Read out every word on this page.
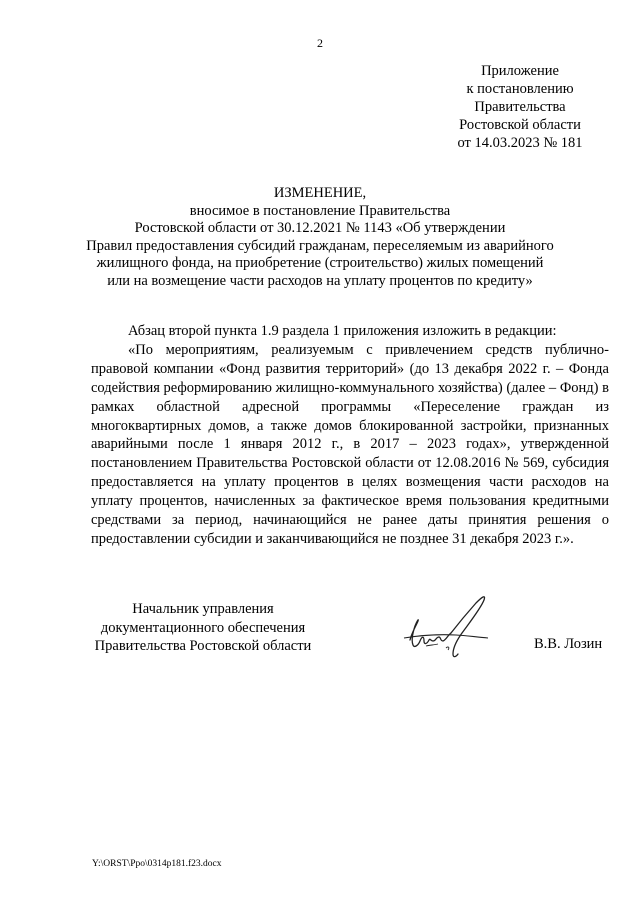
2
Приложение
к постановлению
Правительства
Ростовской области
от 14.03.2023 № 181
ИЗМЕНЕНИЕ,
вносимое в постановление Правительства
Ростовской области от 30.12.2021 № 1143 «Об утверждении
Правил предоставления субсидий гражданам, переселяемым из аварийного
жилищного фонда, на приобретение (строительство) жилых помещений
или на возмещение части расходов на уплату процентов по кредиту»

Абзац второй пункта 1.9 раздела 1 приложения изложить в редакции:

«По мероприятиям, реализуемым с привлечением средств публично-правовой компании «Фонд развития территорий» (до 13 декабря 2022 г. – Фонда содействия реформированию жилищно-коммунального хозяйства) (далее – Фонд) в рамках областной адресной программы «Переселение граждан из многоквартирных домов, а также домов блокированной застройки, признанных аварийными после 1 января 2012 г., в 2017 – 2023 годах», утвержденной постановлением Правительства Ростовской области от 12.08.2016 № 569, субсидия предоставляется на уплату процентов в целях возмещения части расходов на уплату процентов, начисленных за фактическое время пользования кредитными средствами за период, начинающийся не ранее даты принятия решения о предоставлении субсидии и заканчивающийся не позднее 31 декабря 2023 г.».

Начальник управления
документационного обеспечения
Правительства Ростовской области	В.В. Лозин
Y:\ORST\Ppo\0314p181.f23.docx
